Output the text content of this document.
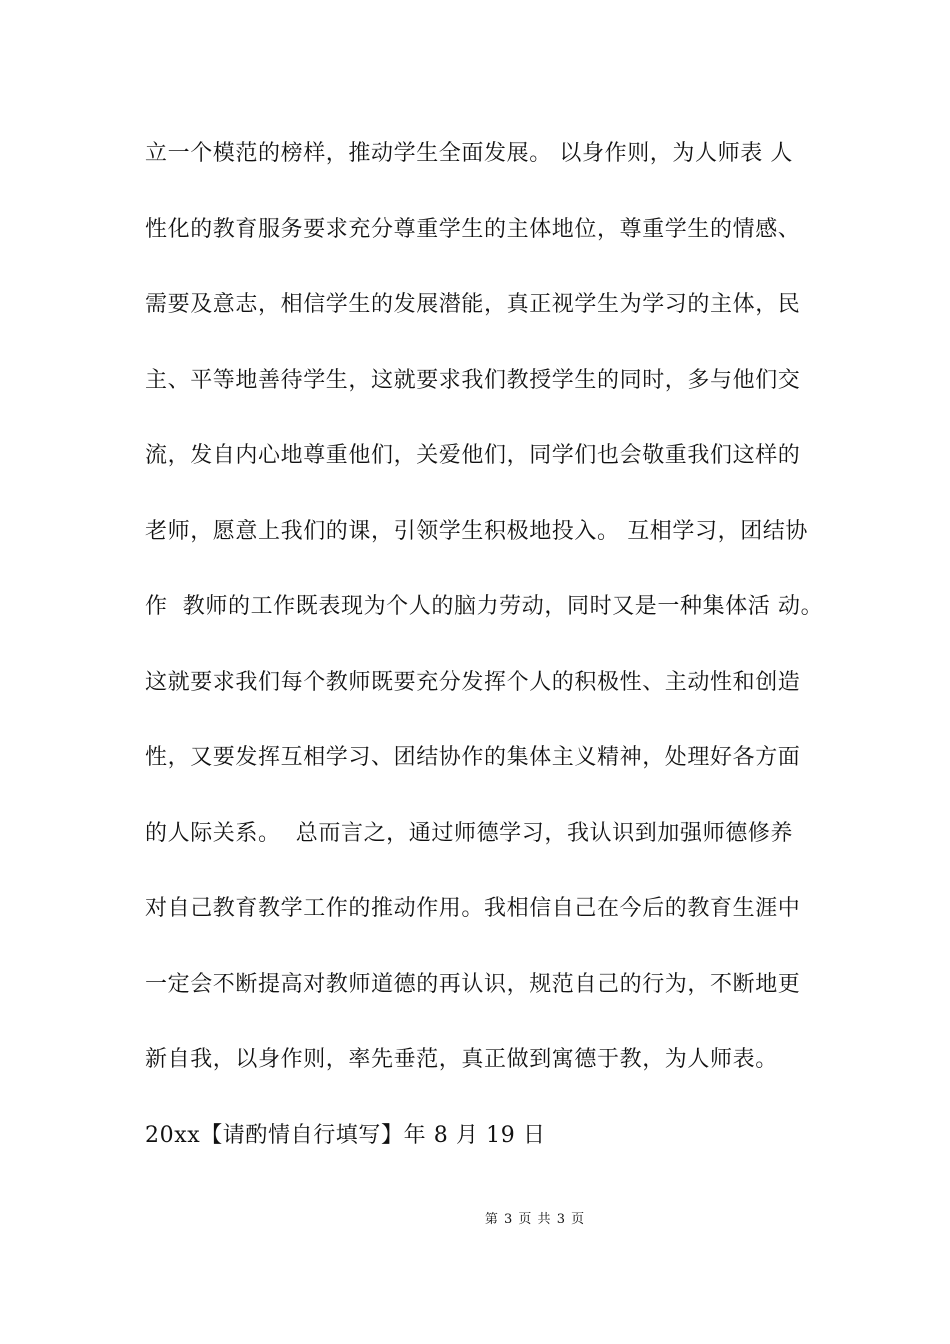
立一个模范的榜样，推动学生全面发展。 以身作则，为人师表 人
性化的教育服务要求充分尊重学生的主体地位，尊重学生的情感、
需要及意志，相信学生的发展潜能，真正视学生为学习的主体，民
主、平等地善待学生，这就要求我们教授学生的同时，多与他们交
流，发自内心地尊重他们，关爱他们，同学们也会敬重我们这样的
老师，愿意上我们的课，引领学生积极地投入。 互相学习，团结协
作  教师的工作既表现为个人的脑力劳动，同时又是一种集体活 动。
这就要求我们每个教师既要充分发挥个人的积极性、主动性和创造
性，又要发挥互相学习、团结协作的集体主义精神，处理好各方面
的人际关系。  总而言之，通过师德学习，我认识到加强师德修养
对自己教育教学工作的推动作用。我相信自己在今后的教育生涯中
一定会不断提高对教师道德的再认识，规范自己的行为，不断地更
新自我，以身作则，率先垂范，真正做到寓德于教，为人师表。
20xx【请酌情自行填写】年 8 月 19 日
第 3 页 共 3 页
